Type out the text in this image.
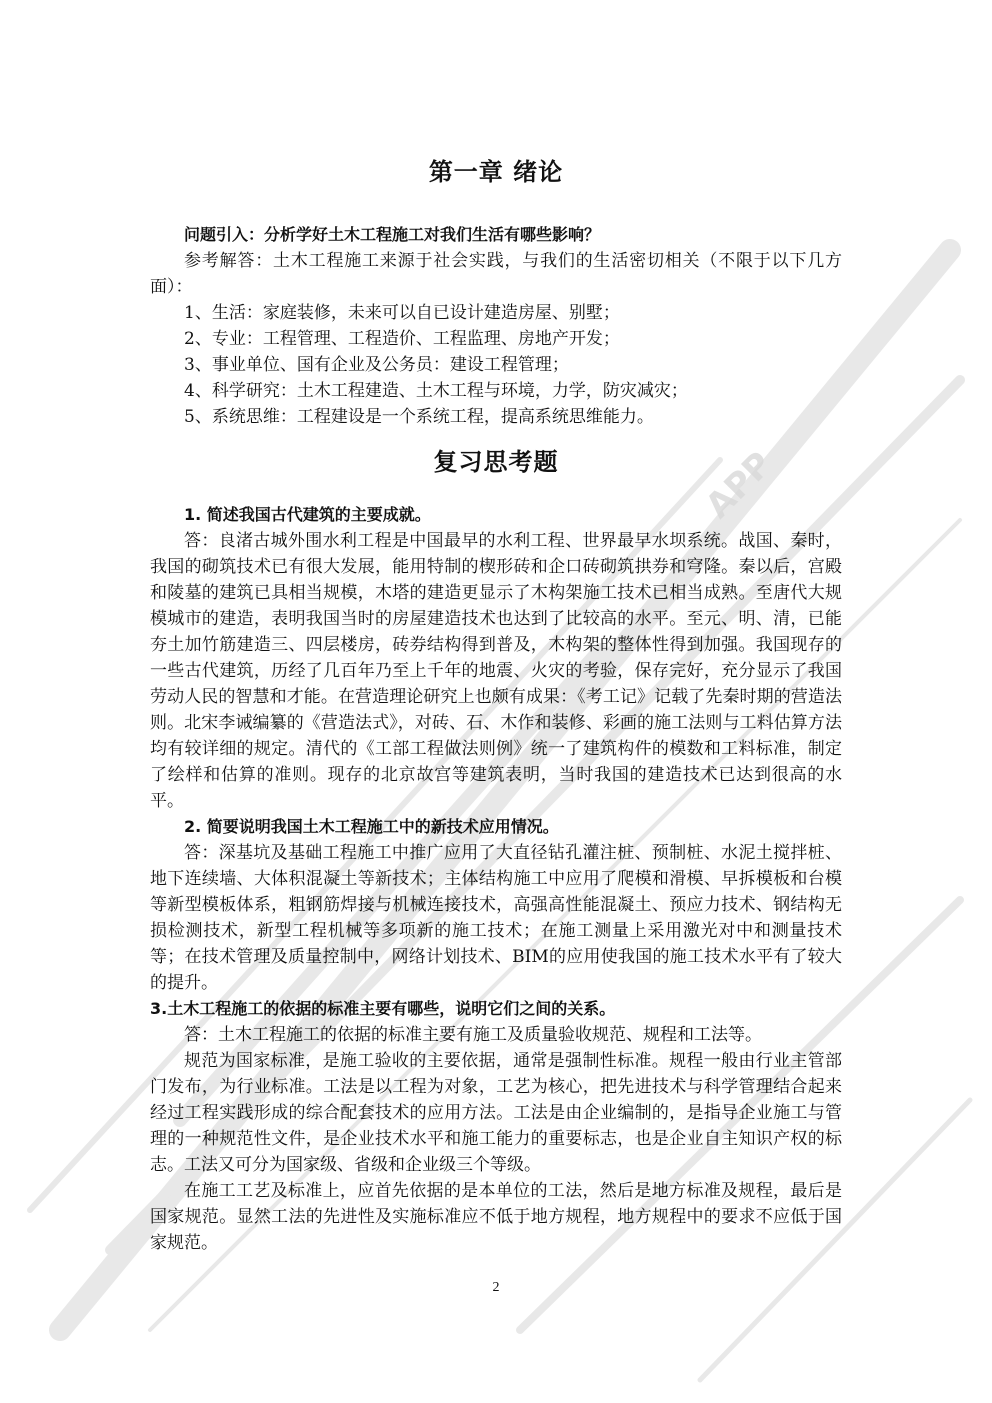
APP
第一章 绪论

问题引入：分析学好土木工程施工对我们生活有哪些影响？

参考解答：土木工程施工来源于社会实践，与我们的生活密切相关（不限于以下几方面）：

1、生活：家庭装修，未来可以自已设计建造房屋、别墅；

2、专业：工程管理、工程造价、工程监理、房地产开发；

3、事业单位、国有企业及公务员：建设工程管理；

4、科学研究：土木工程建造、土木工程与环境，力学，防灾减灾；

5、系统思维：工程建设是一个系统工程，提高系统思维能力。

复习思考题

1. 简述我国古代建筑的主要成就。

答：良渚古城外围水利工程是中国最早的水利工程、世界最早水坝系统。战国、秦时，我国的砌筑技术已有很大发展，能用特制的楔形砖和企口砖砌筑拱券和穹隆。秦以后，宫殿和陵墓的建筑已具相当规模，木塔的建造更显示了木构架施工技术已相当成熟。至唐代大规模城市的建造，表明我国当时的房屋建造技术也达到了比较高的水平。至元、明、清，已能夯土加竹筋建造三、四层楼房，砖券结构得到普及，木构架的整体性得到加强。我国现存的一些古代建筑，历经了几百年乃至上千年的地震、火灾的考验，保存完好，充分显示了我国劳动人民的智慧和才能。在营造理论研究上也颇有成果：《考工记》记载了先秦时期的营造法则。北宋李诫编纂的《营造法式》，对砖、石、木作和装修、彩画的施工法则与工料估算方法均有较详细的规定。清代的《工部工程做法则例》统一了建筑构件的模数和工料标准，制定了绘样和估算的准则。现存的北京故宫等建筑表明，当时我国的建造技术已达到很高的水平。

2. 简要说明我国土木工程施工中的新技术应用情况。

答：深基坑及基础工程施工中推广应用了大直径钻孔灌注桩、预制桩、水泥土搅拌桩、地下连续墙、大体积混凝土等新技术；主体结构施工中应用了爬模和滑模、早拆模板和台模等新型模板体系，粗钢筋焊接与机械连接技术，高强高性能混凝土、预应力技术、钢结构无损检测技术，新型工程机械等多项新的施工技术；在施工测量上采用激光对中和测量技术等；在技术管理及质量控制中，网络计划技术、BIM的应用使我国的施工技术水平有了较大的提升。

3.土木工程施工的依据的标准主要有哪些，说明它们之间的关系。

答：土木工程施工的依据的标准主要有施工及质量验收规范、规程和工法等。

规范为国家标准，是施工验收的主要依据，通常是强制性标准。规程一般由行业主管部门发布，为行业标准。工法是以工程为对象，工艺为核心，把先进技术与科学管理结合起来经过工程实践形成的综合配套技术的应用方法。工法是由企业编制的，是指导企业施工与管理的一种规范性文件，是企业技术水平和施工能力的重要标志，也是企业自主知识产权的标志。工法又可分为国家级、省级和企业级三个等级。

在施工工艺及标准上，应首先依据的是本单位的工法，然后是地方标准及规程，最后是国家规范。显然工法的先进性及实施标准应不低于地方规程，地方规程中的要求不应低于国家规范。

2
